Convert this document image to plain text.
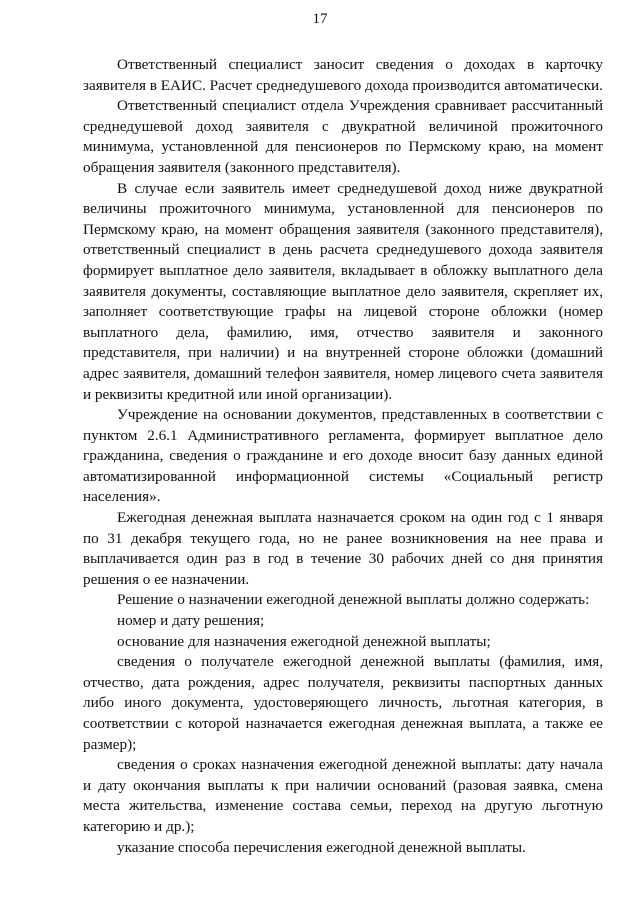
17

Ответственный специалист заносит сведения о доходах в карточку заявителя в ЕАИС. Расчет среднедушевого дохода производится автоматически.

Ответственный специалист отдела Учреждения сравнивает рассчитанный среднедушевой доход заявителя с двукратной величиной прожиточного минимума, установленной для пенсионеров по Пермскому краю, на момент обращения заявителя (законного представителя).

В случае если заявитель имеет среднедушевой доход ниже двукратной величины прожиточного минимума, установленной для пенсионеров по Пермскому краю, на момент обращения заявителя (законного представителя), ответственный специалист в день расчета среднедушевого дохода заявителя формирует выплатное дело заявителя, вкладывает в обложку выплатного дела заявителя документы, составляющие выплатное дело заявителя, скрепляет их, заполняет соответствующие графы на лицевой стороне обложки (номер выплатного дела, фамилию, имя, отчество заявителя и законного представителя, при наличии) и на внутренней стороне обложки (домашний адрес заявителя, домашний телефон заявителя, номер лицевого счета заявителя и реквизиты кредитной или иной организации).

Учреждение на основании документов, представленных в соответствии с пунктом 2.6.1 Административного регламента, формирует выплатное дело гражданина, сведения о гражданине и его доходе вносит базу данных единой автоматизированной информационной системы «Социальный регистр населения».

Ежегодная денежная выплата назначается сроком на один год с 1 января по 31 декабря текущего года, но не ранее возникновения на нее права и выплачивается один раз в год в течение 30 рабочих дней со дня принятия решения о ее назначении.

Решение о назначении ежегодной денежной выплаты должно содержать:

номер и дату решения;

основание для назначения ежегодной денежной выплаты;

сведения о получателе ежегодной денежной выплаты (фамилия, имя, отчество, дата рождения, адрес получателя, реквизиты паспортных данных либо иного документа, удостоверяющего личность, льготная категория, в соответствии с которой назначается ежегодная денежная выплата, а также ее размер);

сведения о сроках назначения ежегодной денежной выплаты: дату начала и дату окончания выплаты к при наличии оснований (разовая заявка, смена места жительства, изменение состава семьи, переход на другую льготную категорию и др.);

указание способа перечисления ежегодной денежной выплаты.
